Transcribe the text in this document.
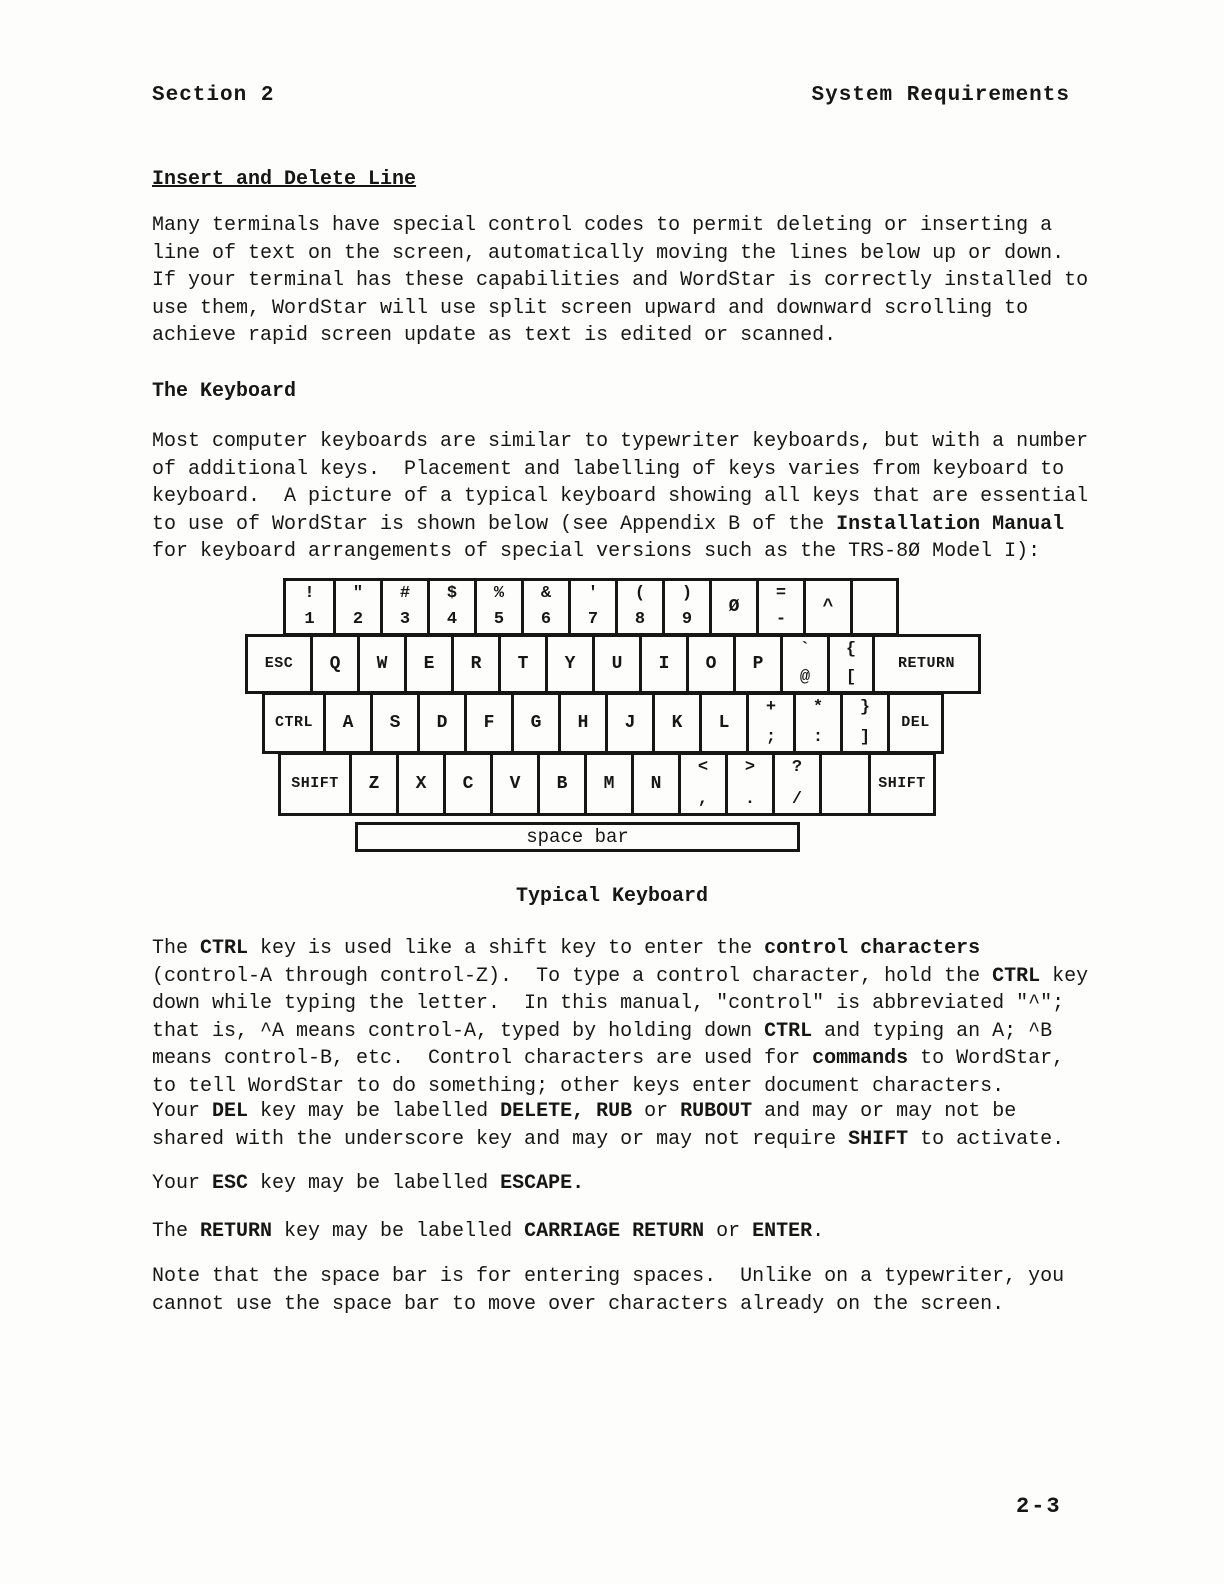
Section 2	System Requirements
Insert and Delete Line
Many terminals have special control codes to permit deleting or inserting a
line of text on the screen, automatically moving the lines below up or down.
If your terminal has these capabilities and WordStar is correctly installed to
use them, WordStar will use split screen upward and downward scrolling to
achieve rapid screen update as text is edited or scanned.
The Keyboard
Most computer keyboards are similar to typewriter keyboards, but with a number
of additional keys.  Placement and labelling of keys varies from keyboard to
keyboard.  A picture of a typical keyboard showing all keys that are essential
to use of WordStar is shown below (see Appendix B of the Installation Manual
for keyboard arrangements of special versions such as the TRS-8Ø Model I):
!
1
"
2
#
3
$
4
%
5
&
6
'
7
(
8
)
9
Ø
=
-
^
ESC Q W E R T Y U I O P
`
@
{
[
RETURN
CTRL A S D F G H J K L
+
;
*
:
}
]
DEL
SHIFT Z X C V B M N
<
,
>
.
?
/
SHIFT
space bar
Typical Keyboard
The CTRL key is used like a shift key to enter the control characters
(control-A through control-Z).  To type a control character, hold the CTRL key
down while typing the letter.  In this manual, "control" is abbreviated "^";
that is, ^A means control-A, typed by holding down CTRL and typing an A; ^B
means control-B, etc.  Control characters are used for commands to WordStar,
to tell WordStar to do something; other keys enter document characters.
Your DEL key may be labelled DELETE, RUB or RUBOUT and may or may not be
shared with the underscore key and may or may not require SHIFT to activate.
Your ESC key may be labelled ESCAPE.
The RETURN key may be labelled CARRIAGE RETURN or ENTER.
Note that the space bar is for entering spaces.  Unlike on a typewriter, you
cannot use the space bar to move over characters already on the screen.
2-3
